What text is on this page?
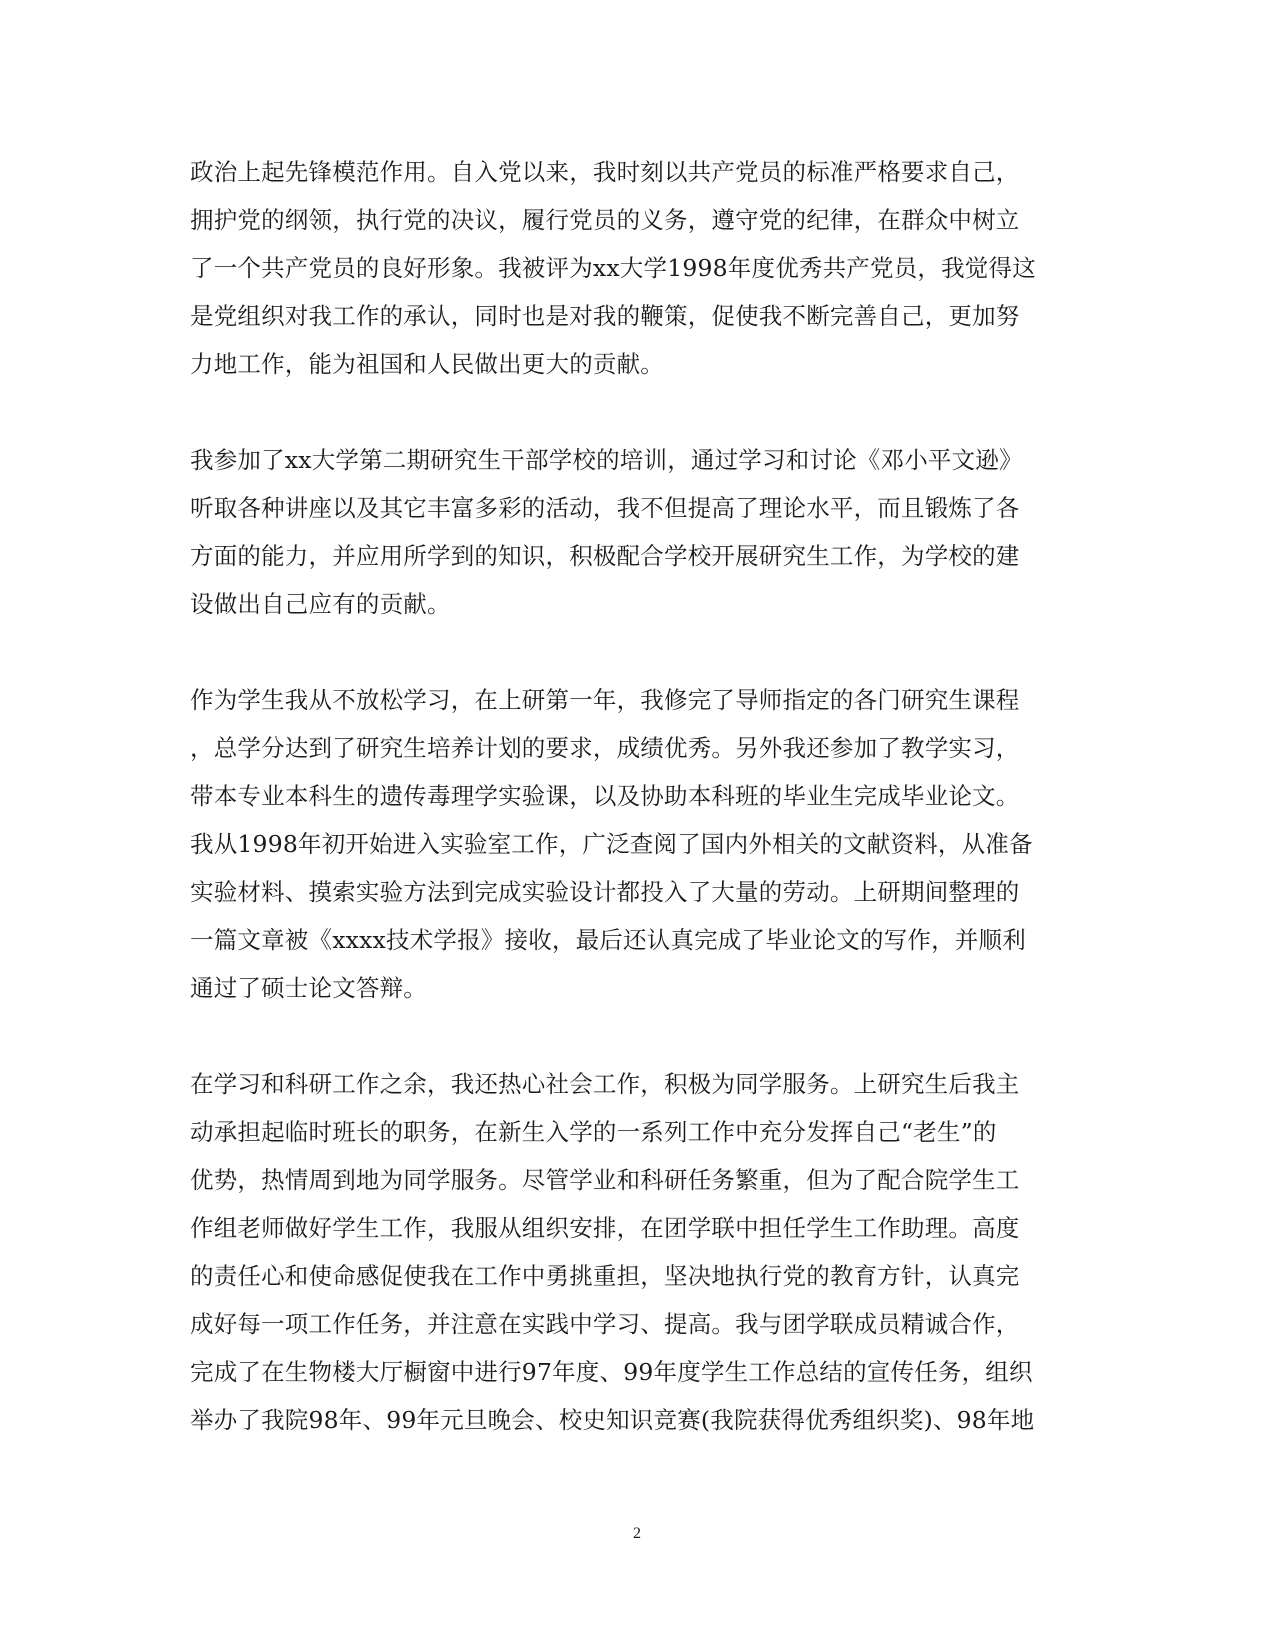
政治上起先锋模范作用。自入党以来，我时刻以共产党员的标准严格要求自己，
拥护党的纲领，执行党的决议，履行党员的义务，遵守党的纪律，在群众中树立
了一个共产党员的良好形象。我被评为xx大学1998年度优秀共产党员，我觉得这
是党组织对我工作的承认，同时也是对我的鞭策，促使我不断完善自己，更加努
力地工作，能为祖国和人民做出更大的贡献。
我参加了xx大学第二期研究生干部学校的培训，通过学习和讨论《邓小平文逊》
听取各种讲座以及其它丰富多彩的活动，我不但提高了理论水平，而且锻炼了各
方面的能力，并应用所学到的知识，积极配合学校开展研究生工作，为学校的建
设做出自己应有的贡献。
作为学生我从不放松学习，在上研第一年，我修完了导师指定的各门研究生课程
，总学分达到了研究生培养计划的要求，成绩优秀。另外我还参加了教学实习，
带本专业本科生的遗传毒理学实验课，以及协助本科班的毕业生完成毕业论文。
我从1998年初开始进入实验室工作，广泛查阅了国内外相关的文献资料，从准备
实验材料、摸索实验方法到完成实验设计都投入了大量的劳动。上研期间整理的
一篇文章被《xxxx技术学报》接收，最后还认真完成了毕业论文的写作，并顺利
通过了硕士论文答辩。
在学习和科研工作之余，我还热心社会工作，积极为同学服务。上研究生后我主
动承担起临时班长的职务，在新生入学的一系列工作中充分发挥自己“老生”的
优势，热情周到地为同学服务。尽管学业和科研任务繁重，但为了配合院学生工
作组老师做好学生工作，我服从组织安排，在团学联中担任学生工作助理。高度
的责任心和使命感促使我在工作中勇挑重担，坚决地执行党的教育方针，认真完
成好每一项工作任务，并注意在实践中学习、提高。我与团学联成员精诚合作，
完成了在生物楼大厅橱窗中进行97年度、99年度学生工作总结的宣传任务，组织
举办了我院98年、99年元旦晚会、校史知识竞赛(我院获得优秀组织奖)、98年地
2
